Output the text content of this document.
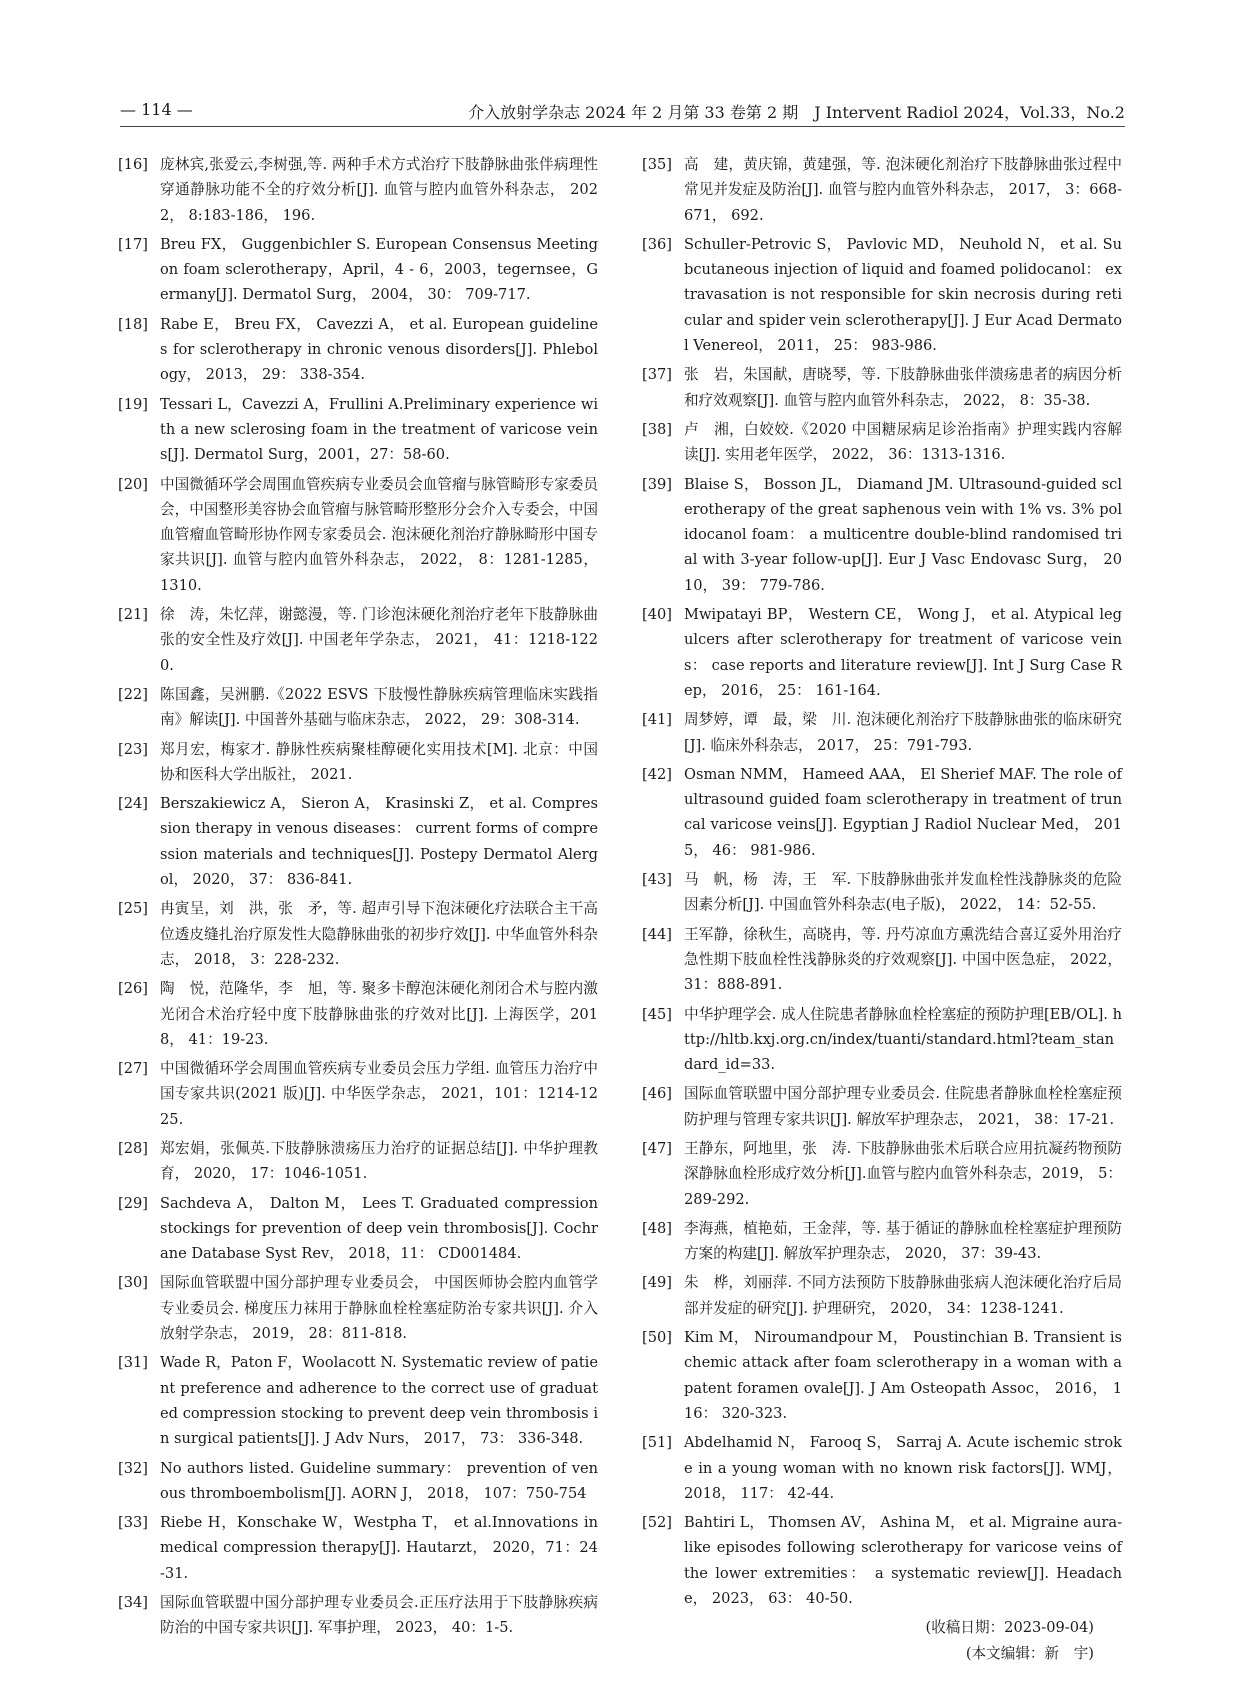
— 114 —	介入放射学杂志 2024 年 2 月第 33 卷第 2 期　J Intervent Radiol 2024，Vol.33，No.2
[16] 庞林宾,张爱云,李树强,等. 两种手术方式治疗下肢静脉曲张伴病理性穿通静脉功能不全的疗效分析[J]. 血管与腔内血管外科杂志， 2022， 8:183-186， 196.
[17] Breu FX， Guggenbichler S. European Consensus Meeting on foam sclerotherapy，April，4 - 6，2003，tegernsee，Germany[J]. Dermatol Surg， 2004， 30： 709-717.
[18] Rabe E， Breu FX， Cavezzi A， et al. European guidelines for sclerotherapy in chronic venous disorders[J]. Phlebology， 2013， 29： 338-354.
[19] Tessari L，Cavezzi A，Frullini A.Preliminary experience with a new sclerosing foam in the treatment of varicose veins[J]. Dermatol Surg，2001，27：58-60.
[20] 中国微循环学会周围血管疾病专业委员会血管瘤与脉管畸形专家委员会，中国整形美容协会血管瘤与脉管畸形整形分会介入专委会，中国血管瘤血管畸形协作网专家委员会. 泡沫硬化剂治疗静脉畸形中国专家共识[J]. 血管与腔内血管外科杂志， 2022， 8：1281-1285， 1310.
[21] 徐　涛，朱忆萍，谢懿漫，等. 门诊泡沫硬化剂治疗老年下肢静脉曲张的安全性及疗效[J]. 中国老年学杂志， 2021， 41：1218-1220.
[22] 陈国鑫，吴洲鹏.《2022 ESVS 下肢慢性静脉疾病管理临床实践指南》解读[J]. 中国普外基础与临床杂志， 2022， 29：308-314.
[23] 郑月宏，梅家才. 静脉性疾病聚桂醇硬化实用技术[M]. 北京：中国协和医科大学出版社， 2021.
[24] Berszakiewicz A， Sieron A， Krasinski Z， et al. Compression therapy in venous diseases： current forms of compression materials and techniques[J]. Postepy Dermatol Alergol， 2020， 37： 836-841.
[25] 冉寅呈，刘　洪，张　矛，等. 超声引导下泡沫硬化疗法联合主干高位透皮缝扎治疗原发性大隐静脉曲张的初步疗效[J]. 中华血管外科杂志， 2018， 3：228-232.
[26] 陶　悦，范隆华，李　旭，等. 聚多卡醇泡沫硬化剂闭合术与腔内激光闭合术治疗轻中度下肢静脉曲张的疗效对比[J]. 上海医学，2018， 41：19-23.
[27] 中国微循环学会周围血管疾病专业委员会压力学组. 血管压力治疗中国专家共识(2021 版)[J]. 中华医学杂志， 2021，101：1214-1225.
[28] 郑宏娟，张佩英.下肢静脉溃疡压力治疗的证据总结[J]. 中华护理教育， 2020， 17：1046-1051.
[29] Sachdeva A， Dalton M， Lees T. Graduated compression stockings for prevention of deep vein thrombosis[J]. Cochrane Database Syst Rev， 2018，11： CD001484.
[30] 国际血管联盟中国分部护理专业委员会， 中国医师协会腔内血管学专业委员会. 梯度压力袜用于静脉血栓栓塞症防治专家共识[J]. 介入放射学杂志， 2019， 28：811-818.
[31] Wade R，Paton F，Woolacott N. Systematic review of patient preference and adherence to the correct use of graduated compression stocking to prevent deep vein thrombosis in surgical patients[J]. J Adv Nurs， 2017， 73： 336-348.
[32] No authors listed. Guideline summary： prevention of venous thromboembolism[J]. AORN J， 2018， 107：750-754
[33] Riebe H，Konschake W，Westpha T， et al.Innovations in medical compression therapy[J]. Hautarzt， 2020，71：24-31.
[34] 国际血管联盟中国分部护理专业委员会.正压疗法用于下肢静脉疾病防治的中国专家共识[J]. 军事护理， 2023， 40：1-5.
[35] 高　建，黄庆锦，黄建强，等. 泡沫硬化剂治疗下肢静脉曲张过程中常见并发症及防治[J]. 血管与腔内血管外科杂志， 2017， 3：668-671， 692.
[36] Schuller-Petrovic S， Pavlovic MD， Neuhold N， et al. Subcutaneous injection of liquid and foamed polidocanol： extravasation is not responsible for skin necrosis during reticular and spider vein sclerotherapy[J]. J Eur Acad Dermatol Venereol， 2011， 25： 983-986.
[37] 张　岩，朱国献，唐晓琴，等. 下肢静脉曲张伴溃疡患者的病因分析和疗效观察[J]. 血管与腔内血管外科杂志， 2022， 8：35-38.
[38] 卢　湘，白姣姣.《2020 中国糖尿病足诊治指南》护理实践内容解读[J]. 实用老年医学， 2022， 36：1313-1316.
[39] Blaise S， Bosson JL， Diamand JM. Ultrasound-guided sclerotherapy of the great saphenous vein with 1% vs. 3% polidocanol foam： a multicentre double-blind randomised trial with 3-year follow-up[J]. Eur J Vasc Endovasc Surg， 2010， 39： 779-786.
[40] Mwipatayi BP， Western CE， Wong J， et al. Atypical leg ulcers after sclerotherapy for treatment of varicose veins： case reports and literature review[J]. Int J Surg Case Rep， 2016， 25： 161-164.
[41] 周梦婷，谭　最，梁　川. 泡沫硬化剂治疗下肢静脉曲张的临床研究[J]. 临床外科杂志， 2017， 25：791-793.
[42] Osman NMM， Hameed AAA， El Sherief MAF. The role of ultrasound guided foam sclerotherapy in treatment of truncal varicose veins[J]. Egyptian J Radiol Nuclear Med， 2015， 46： 981-986.
[43] 马　帆，杨　涛，王　军. 下肢静脉曲张并发血栓性浅静脉炎的危险因素分析[J]. 中国血管外科杂志(电子版)， 2022， 14：52-55.
[44] 王军静，徐秋生，高晓冉，等. 丹芍凉血方熏洗结合喜辽妥外用治疗急性期下肢血栓性浅静脉炎的疗效观察[J]. 中国中医急症， 2022， 31：888-891.
[45] 中华护理学会. 成人住院患者静脉血栓栓塞症的预防护理[EB/OL]. http://hltb.kxj.org.cn/index/tuanti/standard.html?team_standard_id=33.
[46] 国际血管联盟中国分部护理专业委员会. 住院患者静脉血栓栓塞症预防护理与管理专家共识[J]. 解放军护理杂志， 2021， 38：17-21.
[47] 王静东，阿地里，张　涛. 下肢静脉曲张术后联合应用抗凝药物预防深静脉血栓形成疗效分析[J].血管与腔内血管外科杂志，2019， 5：289-292.
[48] 李海燕，植艳茹，王金萍，等. 基于循证的静脉血栓栓塞症护理预防方案的构建[J]. 解放军护理杂志， 2020， 37：39-43.
[49] 朱　桦，刘丽萍. 不同方法预防下肢静脉曲张病人泡沫硬化治疗后局部并发症的研究[J]. 护理研究， 2020， 34：1238-1241.
[50] Kim M， Niroumandpour M， Poustinchian B. Transient ischemic attack after foam sclerotherapy in a woman with a patent foramen ovale[J]. J Am Osteopath Assoc， 2016， 116： 320-323.
[51] Abdelhamid N， Farooq S， Sarraj A. Acute ischemic stroke in a young woman with no known risk factors[J]. WMJ， 2018， 117： 42-44.
[52] Bahtiri L， Thomsen AV， Ashina M， et al. Migraine aura-like episodes following sclerotherapy for varicose veins of the lower extremities： a systematic review[J]. Headache， 2023， 63： 40-50.
(收稿日期：2023-09-04)
(本文编辑：新　宇)
